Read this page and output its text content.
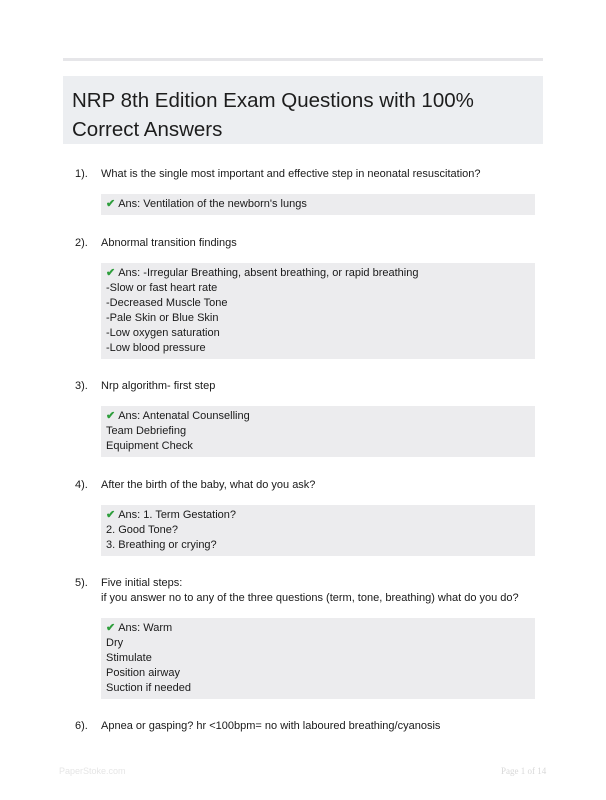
NRP 8th Edition Exam Questions with 100% Correct Answers
1). What is the single most important and effective step in neonatal resuscitation?
✔ Ans: Ventilation of the newborn's lungs
2). Abnormal transition findings
✔ Ans: -Irregular Breathing, absent breathing, or rapid breathing
-Slow or fast heart rate
-Decreased Muscle Tone
-Pale Skin or Blue Skin
-Low oxygen saturation
-Low blood pressure
3). Nrp algorithm- first step
✔ Ans: Antenatal Counselling
Team Debriefing
Equipment Check
4). After the birth of the baby, what do you ask?
✔ Ans: 1. Term Gestation?
2. Good Tone?
3. Breathing or crying?
5). Five initial steps:
if you answer no to any of the three questions (term, tone, breathing) what do you do?
✔ Ans: Warm
Dry
Stimulate
Position airway
Suction if needed
6). Apnea or gasping? hr <100bpm= no with laboured breathing/cyanosis
PaperStoke.com	Page 1 of 14
